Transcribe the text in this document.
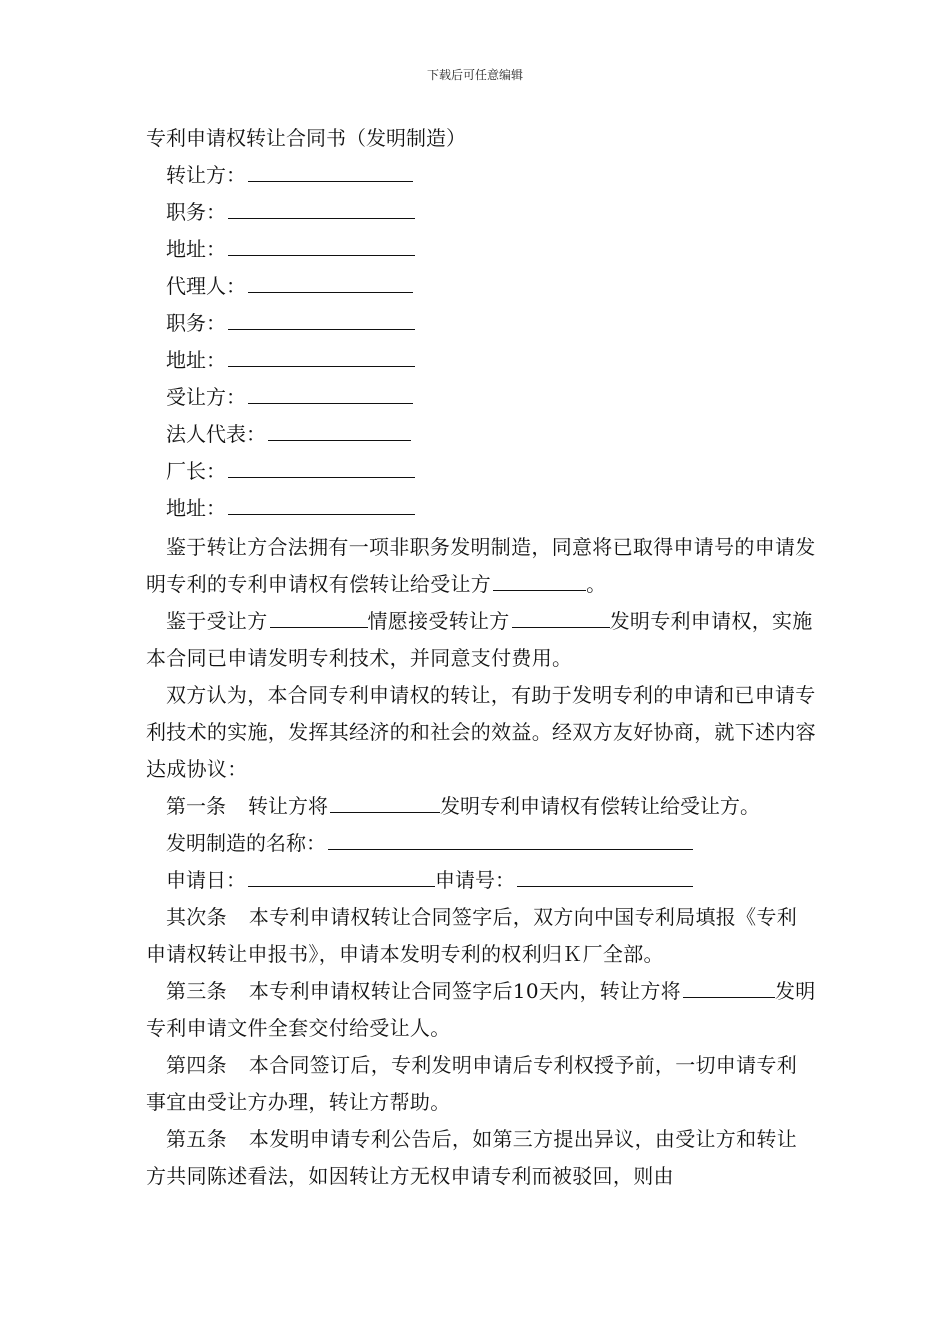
下载后可任意编辑
专利申请权转让合同书（发明制造）
转让方：
职务：
地址：
代理人：
职务：
地址：
受让方：
法人代表：
厂长：
地址：
鉴于转让方合法拥有一项非职务发明制造，同意将已取得申请号的申请发明专利的专利申请权有偿转让给受让方	。
鉴于受让方	情愿接受转让方	发明专利申请权，实施本合同已申请发明专利技术，并同意支付费用。
双方认为，本合同专利申请权的转让，有助于发明专利的申请和已申请专利技术的实施，发挥其经济的和社会的效益。经双方友好协商，就下述内容达成协议：
第一条 转让方将	发明专利申请权有偿转让给受让方。
发明制造的名称：
申请日：	申请号：
其次条 本专利申请权转让合同签字后，双方向中国专利局填报《专利申请权转让申报书》，申请本发明专利的权利归Ｋ厂全部。
第三条 本专利申请权转让合同签字后10天内，转让方将	发明专利申请文件全套交付给受让人。
第四条 本合同签订后，专利发明申请后专利权授予前，一切申请专利事宜由受让方办理，转让方帮助。
第五条 本发明申请专利公告后，如第三方提出异议，由受让方和转让方共同陈述看法，如因转让方无权申请专利而被驳回，则由
